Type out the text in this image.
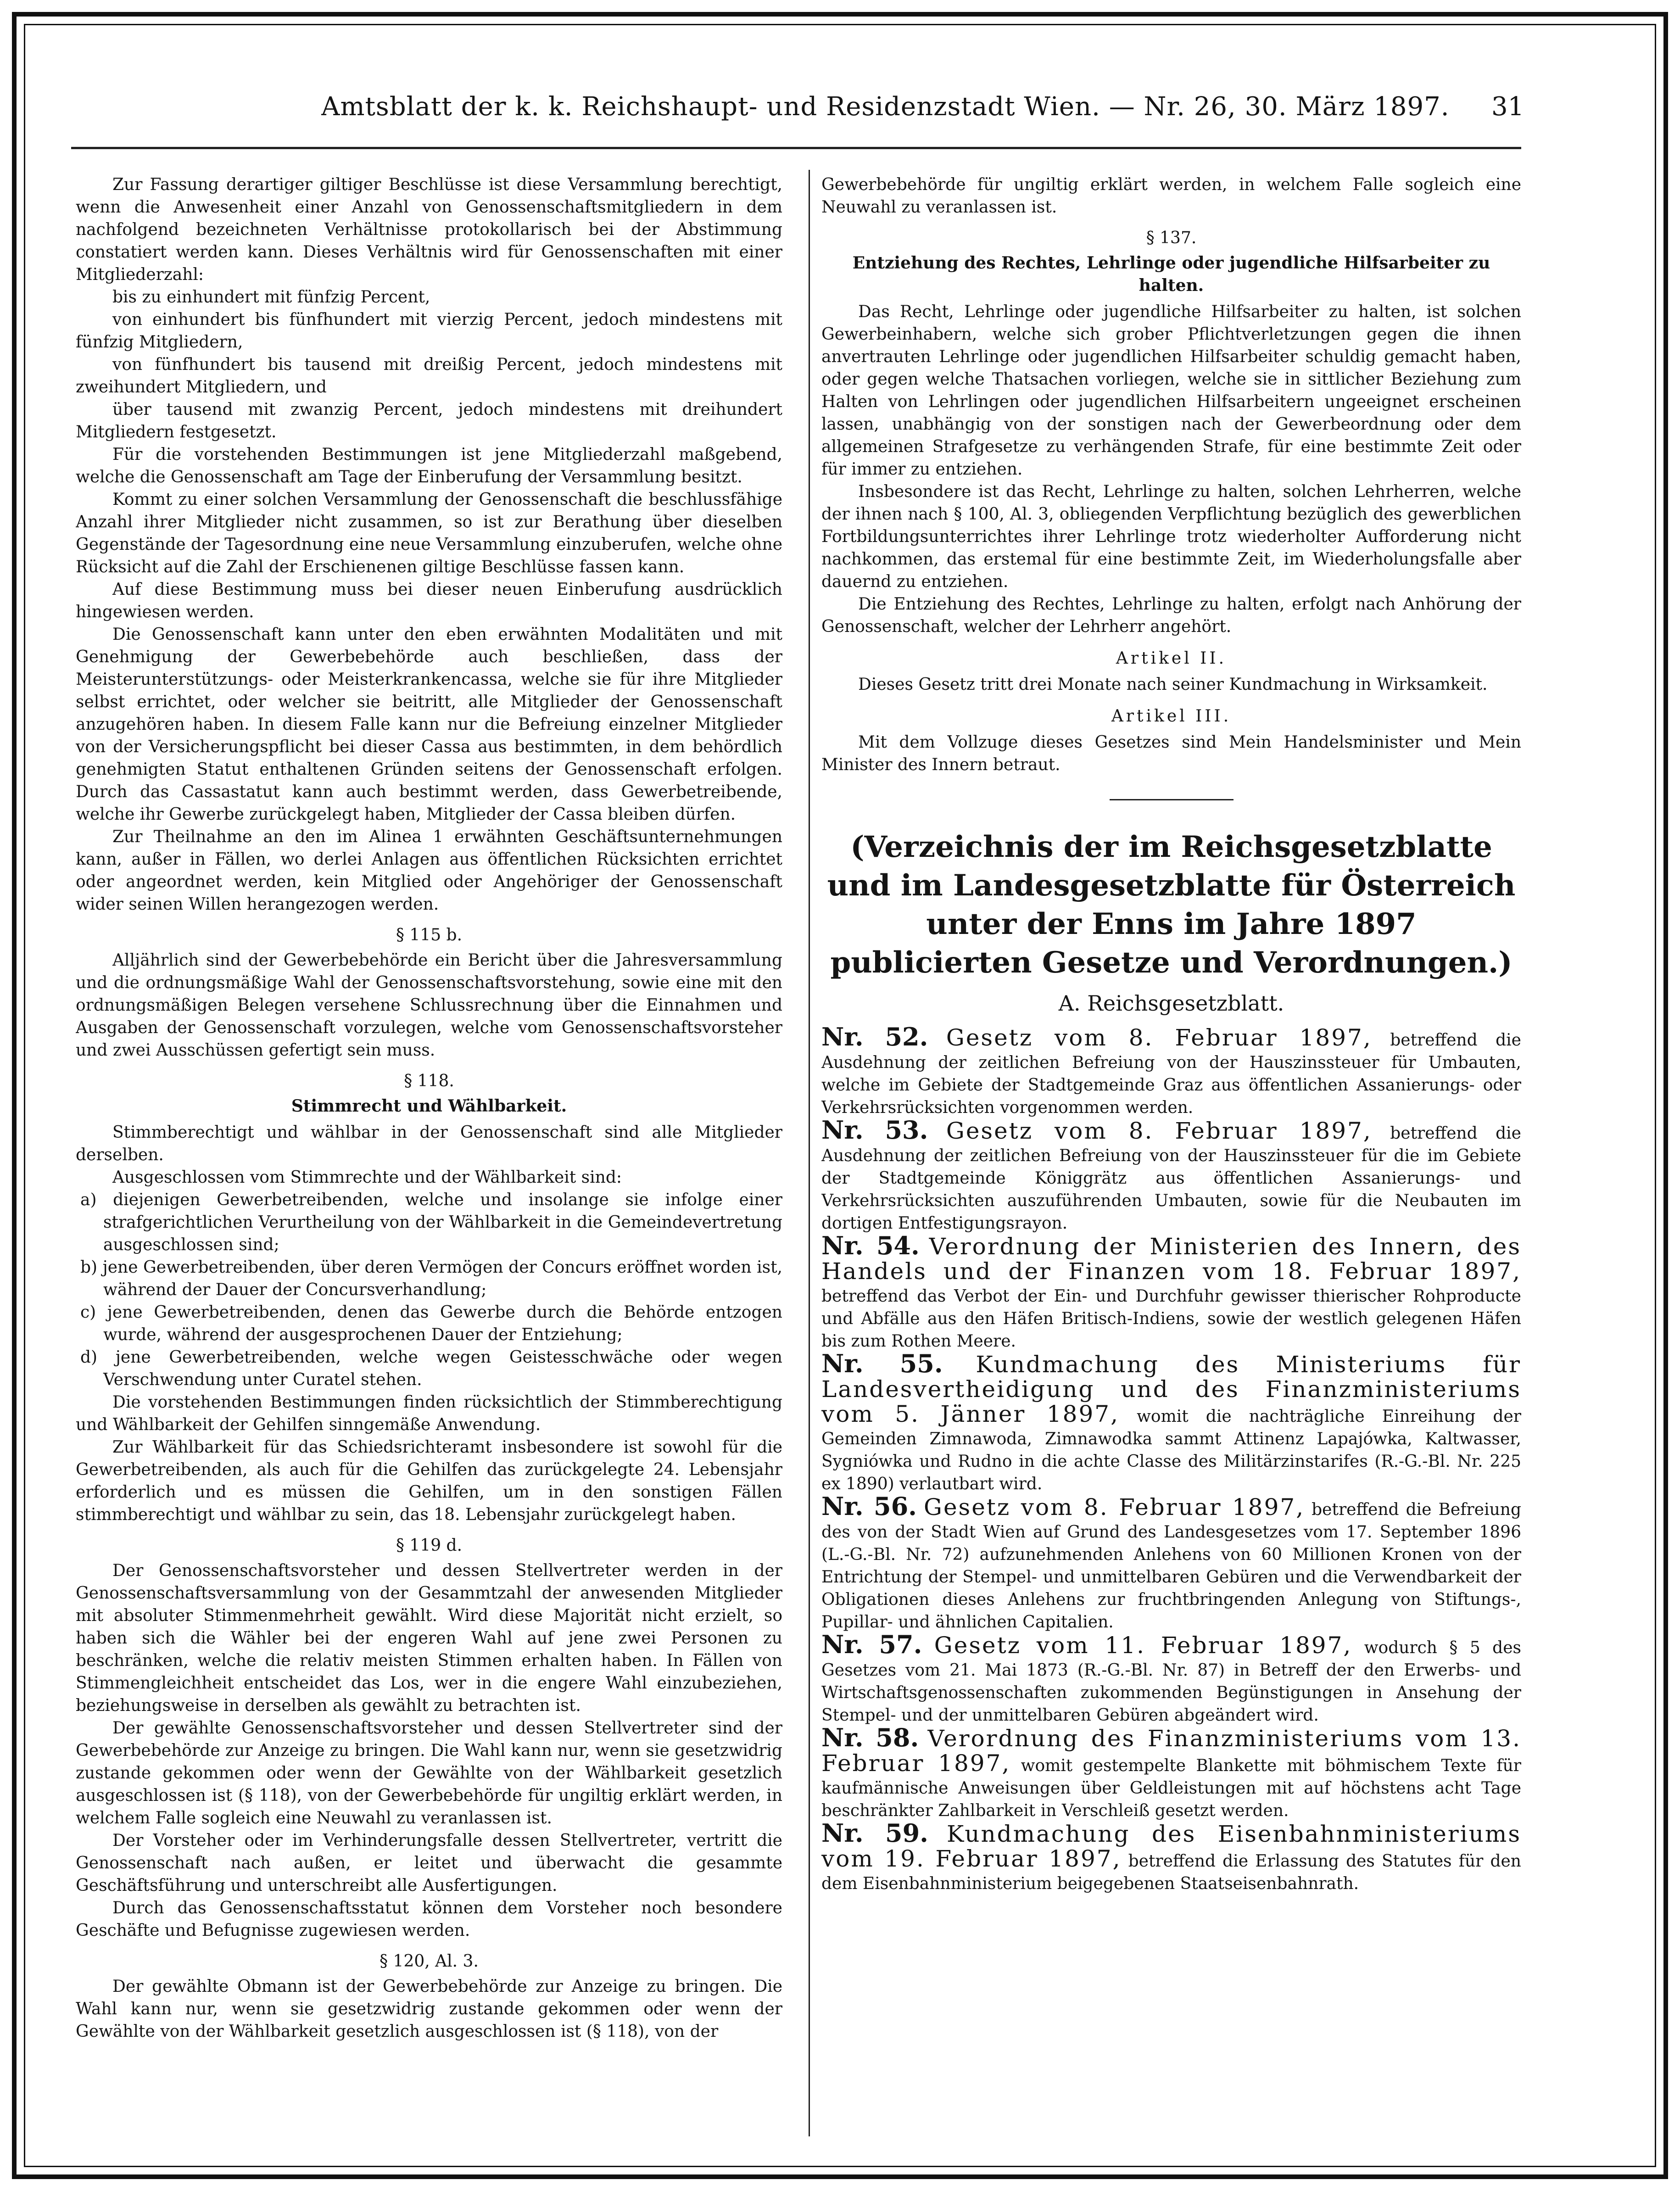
Amtsblatt der k. k. Reichshaupt- und Residenzstadt Wien. — Nr. 26, 30. März 1897.	31

Zur Fassung derartiger giltiger Beschlüsse ist diese Versammlung berechtigt, wenn die Anwesenheit einer Anzahl von Genossenschaftsmitgliedern in dem nachfolgend bezeichneten Verhältnisse protokollarisch bei der Abstimmung constatiert werden kann. Dieses Verhältnis wird für Genossenschaften mit einer Mitgliederzahl:

bis zu einhundert mit fünfzig Percent,

von einhundert bis fünfhundert mit vierzig Percent, jedoch mindestens mit fünfzig Mitgliedern,

von fünfhundert bis tausend mit dreißig Percent, jedoch mindestens mit zweihundert Mitgliedern, und

über tausend mit zwanzig Percent, jedoch mindestens mit dreihundert Mitgliedern festgesetzt.

Für die vorstehenden Bestimmungen ist jene Mitgliederzahl maßgebend, welche die Genossenschaft am Tage der Einberufung der Versammlung besitzt.

Kommt zu einer solchen Versammlung der Genossenschaft die beschlussfähige Anzahl ihrer Mitglieder nicht zusammen, so ist zur Berathung über dieselben Gegenstände der Tagesordnung eine neue Versammlung einzuberufen, welche ohne Rücksicht auf die Zahl der Erschienenen giltige Beschlüsse fassen kann.

Auf diese Bestimmung muss bei dieser neuen Einberufung ausdrücklich hingewiesen werden.

Die Genossenschaft kann unter den eben erwähnten Modalitäten und mit Genehmigung der Gewerbebehörde auch beschließen, dass der Meisterunterstützungs- oder Meisterkrankencassa, welche sie für ihre Mitglieder selbst errichtet, oder welcher sie beitritt, alle Mitglieder der Genossenschaft anzugehören haben. In diesem Falle kann nur die Befreiung einzelner Mitglieder von der Versicherungspflicht bei dieser Cassa aus bestimmten, in dem behördlich genehmigten Statut enthaltenen Gründen seitens der Genossenschaft erfolgen. Durch das Cassastatut kann auch bestimmt werden, dass Gewerbetreibende, welche ihr Gewerbe zurückgelegt haben, Mitglieder der Cassa bleiben dürfen.

Zur Theilnahme an den im Alinea 1 erwähnten Geschäftsunternehmungen kann, außer in Fällen, wo derlei Anlagen aus öffentlichen Rücksichten errichtet oder angeordnet werden, kein Mitglied oder Angehöriger der Genossenschaft wider seinen Willen herangezogen werden.

§ 115 b.

Alljährlich sind der Gewerbebehörde ein Bericht über die Jahresversammlung und die ordnungsmäßige Wahl der Genossenschaftsvorstehung, sowie eine mit den ordnungsmäßigen Belegen versehene Schlussrechnung über die Einnahmen und Ausgaben der Genossenschaft vorzulegen, welche vom Genossenschaftsvorsteher und zwei Ausschüssen gefertigt sein muss.

§ 118.
Stimmrecht und Wählbarkeit.

Stimmberechtigt und wählbar in der Genossenschaft sind alle Mitglieder derselben.

Ausgeschlossen vom Stimmrechte und der Wählbarkeit sind:

a) diejenigen Gewerbetreibenden, welche und insolange sie infolge einer strafgerichtlichen Verurtheilung von der Wählbarkeit in die Gemeindevertretung ausgeschlossen sind;

b) jene Gewerbetreibenden, über deren Vermögen der Concurs eröffnet worden ist, während der Dauer der Concursverhandlung;

c) jene Gewerbetreibenden, denen das Gewerbe durch die Behörde entzogen wurde, während der ausgesprochenen Dauer der Entziehung;

d) jene Gewerbetreibenden, welche wegen Geistesschwäche oder wegen Verschwendung unter Curatel stehen.

Die vorstehenden Bestimmungen finden rücksichtlich der Stimmberechtigung und Wählbarkeit der Gehilfen sinngemäße Anwendung.

Zur Wählbarkeit für das Schiedsrichteramt insbesondere ist sowohl für die Gewerbetreibenden, als auch für die Gehilfen das zurückgelegte 24. Lebensjahr erforderlich und es müssen die Gehilfen, um in den sonstigen Fällen stimmberechtigt und wählbar zu sein, das 18. Lebensjahr zurückgelegt haben.

§ 119 d.

Der Genossenschaftsvorsteher und dessen Stellvertreter werden in der Genossenschaftsversammlung von der Gesammtzahl der anwesenden Mitglieder mit absoluter Stimmenmehrheit gewählt. Wird diese Majorität nicht erzielt, so haben sich die Wähler bei der engeren Wahl auf jene zwei Personen zu beschränken, welche die relativ meisten Stimmen erhalten haben. In Fällen von Stimmengleichheit entscheidet das Los, wer in die engere Wahl einzubeziehen, beziehungsweise in derselben als gewählt zu betrachten ist.

Der gewählte Genossenschaftsvorsteher und dessen Stellvertreter sind der Gewerbebehörde zur Anzeige zu bringen. Die Wahl kann nur, wenn sie gesetzwidrig zustande gekommen oder wenn der Gewählte von der Wählbarkeit gesetzlich ausgeschlossen ist (§ 118), von der Gewerbebehörde für ungiltig erklärt werden, in welchem Falle sogleich eine Neuwahl zu veranlassen ist.

Der Vorsteher oder im Verhinderungsfalle dessen Stellvertreter, vertritt die Genossenschaft nach außen, er leitet und überwacht die gesammte Geschäftsführung und unterschreibt alle Ausfertigungen.

Durch das Genossenschaftsstatut können dem Vorsteher noch besondere Geschäfte und Befugnisse zugewiesen werden.

§ 120, Al. 3.

Der gewählte Obmann ist der Gewerbebehörde zur Anzeige zu bringen. Die Wahl kann nur, wenn sie gesetzwidrig zustande gekommen oder wenn der Gewählte von der Wählbarkeit gesetzlich ausgeschlossen ist (§ 118), von der

Gewerbebehörde für ungiltig erklärt werden, in welchem Falle sogleich eine Neuwahl zu veranlassen ist.

§ 137.
Entziehung des Rechtes, Lehrlinge oder jugendliche Hilfsarbeiter zu halten.

Das Recht, Lehrlinge oder jugendliche Hilfsarbeiter zu halten, ist solchen Gewerbeinhabern, welche sich grober Pflichtverletzungen gegen die ihnen anvertrauten Lehrlinge oder jugendlichen Hilfsarbeiter schuldig gemacht haben, oder gegen welche Thatsachen vorliegen, welche sie in sittlicher Beziehung zum Halten von Lehrlingen oder jugendlichen Hilfsarbeitern ungeeignet erscheinen lassen, unabhängig von der sonstigen nach der Gewerbeordnung oder dem allgemeinen Strafgesetze zu verhängenden Strafe, für eine bestimmte Zeit oder für immer zu entziehen.

Insbesondere ist das Recht, Lehrlinge zu halten, solchen Lehrherren, welche der ihnen nach § 100, Al. 3, obliegenden Verpflichtung bezüglich des gewerblichen Fortbildungsunterrichtes ihrer Lehrlinge trotz wiederholter Aufforderung nicht nachkommen, das erstemal für eine bestimmte Zeit, im Wiederholungsfalle aber dauernd zu entziehen.

Die Entziehung des Rechtes, Lehrlinge zu halten, erfolgt nach Anhörung der Genossenschaft, welcher der Lehrherr angehört.

Artikel II.

Dieses Gesetz tritt drei Monate nach seiner Kundmachung in Wirksamkeit.

Artikel III.

Mit dem Vollzuge dieses Gesetzes sind Mein Handelsminister und Mein Minister des Innern betraut.

(Verzeichnis der im Reichsgesetzblatte und im Landesgesetzblatte für Österreich unter der Enns im Jahre 1897 publicierten Gesetze und Verordnungen.)
A. Reichsgesetzblatt.

Nr. 52. Gesetz vom 8. Februar 1897, betreffend die Ausdehnung der zeitlichen Befreiung von der Hauszinssteuer für Umbauten, welche im Gebiete der Stadtgemeinde Graz aus öffentlichen Assanierungs- oder Verkehrsrücksichten vorgenommen werden.

Nr. 53. Gesetz vom 8. Februar 1897, betreffend die Ausdehnung der zeitlichen Befreiung von der Hauszinssteuer für die im Gebiete der Stadtgemeinde Königgrätz aus öffentlichen Assanierungs- und Verkehrsrücksichten auszuführenden Umbauten, sowie für die Neubauten im dortigen Entfestigungsrayon.

Nr. 54. Verordnung der Ministerien des Innern, des Handels und der Finanzen vom 18. Februar 1897, betreffend das Verbot der Ein- und Durchfuhr gewisser thierischer Rohproducte und Abfälle aus den Häfen Britisch-Indiens, sowie der westlich gelegenen Häfen bis zum Rothen Meere.

Nr. 55. Kundmachung des Ministeriums für Landesvertheidigung und des Finanzministeriums vom 5. Jänner 1897, womit die nachträgliche Einreihung der Gemeinden Zimnawoda, Zimnawodka sammt Attinenz Lapajówka, Kaltwasser, Sygniówka und Rudno in die achte Classe des Militärzinstarifes (R.-G.-Bl. Nr. 225 ex 1890) verlautbart wird.

Nr. 56. Gesetz vom 8. Februar 1897, betreffend die Befreiung des von der Stadt Wien auf Grund des Landesgesetzes vom 17. September 1896 (L.-G.-Bl. Nr. 72) aufzunehmenden Anlehens von 60 Millionen Kronen von der Entrichtung der Stempel- und unmittelbaren Gebüren und die Verwendbarkeit der Obligationen dieses Anlehens zur fruchtbringenden Anlegung von Stiftungs-, Pupillar- und ähnlichen Capitalien.

Nr. 57. Gesetz vom 11. Februar 1897, wodurch § 5 des Gesetzes vom 21. Mai 1873 (R.-G.-Bl. Nr. 87) in Betreff der den Erwerbs- und Wirtschaftsgenossenschaften zukommenden Begünstigungen in Ansehung der Stempel- und der unmittelbaren Gebüren abgeändert wird.

Nr. 58. Verordnung des Finanzministeriums vom 13. Februar 1897, womit gestempelte Blankette mit böhmischem Texte für kaufmännische Anweisungen über Geldleistungen mit auf höchstens acht Tage beschränkter Zahlbarkeit in Verschleiß gesetzt werden.

Nr. 59. Kundmachung des Eisenbahnministeriums vom 19. Februar 1897, betreffend die Erlassung des Statutes für den dem Eisenbahnministerium beigegebenen Staatseisenbahnrath.
